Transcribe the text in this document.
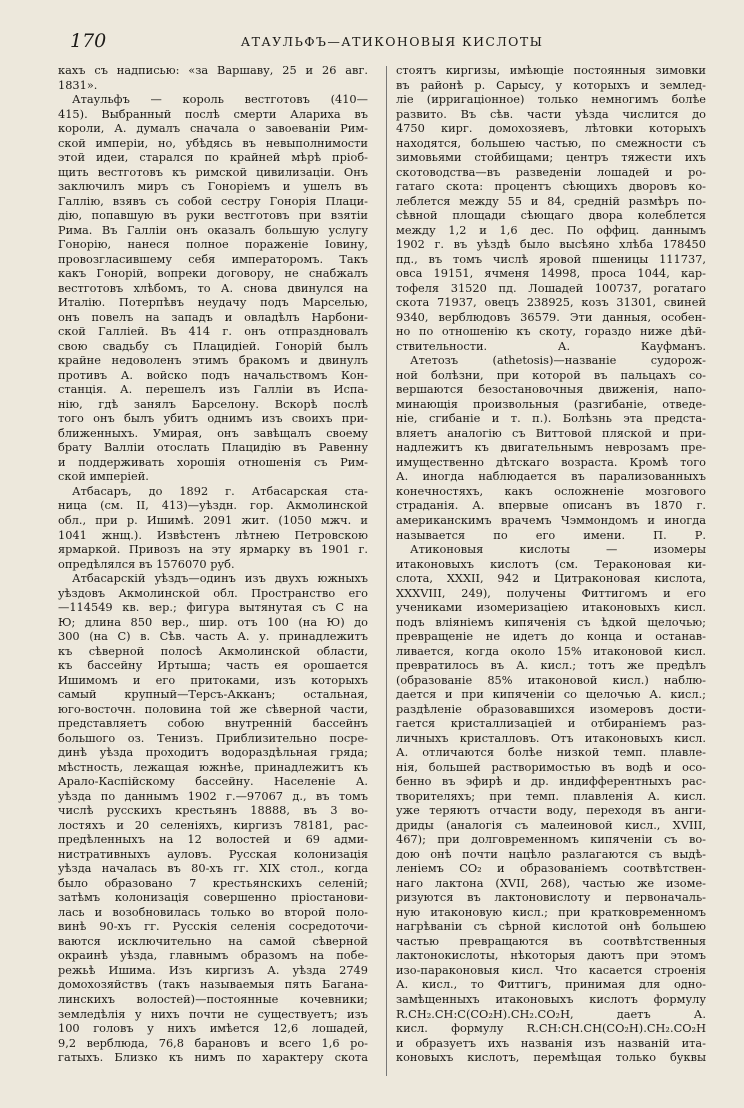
170	АТАУЛЬФЪ—АТИКОНОВЫЯ КИСЛОТЫ
кахъ съ надписью: «за Варшаву, 25 и 26 авг.
1831».
Атаульфъ — король вестготовъ (410—
415). Выбранный послѣ смерти Алариха въ
короли, А. думалъ сначала о завоеваніи Рим-
ской имперіи, но, убѣдясь въ невыполнимости
этой идеи, старался по крайней мѣрѣ пріоб-
щить вестготовъ къ римской цивилизаціи. Онъ
заключилъ миръ съ Гоноріемъ и ушелъ въ
Галлію, взявъ съ собой сестру Гонорія Плаци-
дію, попавшую въ руки вестготовъ при взятіи
Рима. Въ Галліи онъ оказалъ большую услугу
Гонорію, нанеся полное пораженіе Іовину,
провозгласившему себя императоромъ. Такъ
какъ Гонорій, вопреки договору, не снабжалъ
вестготовъ хлѣбомъ, то А. снова двинулся на
Италію. Потерпѣвъ неудачу подъ Марселью,
онъ повелъ на западъ и овладѣлъ Нарбони-
ской Галліей. Въ 414 г. онъ отпраздновалъ
свою свадьбу съ Плацидіей. Гонорій былъ
крайне недоволенъ этимъ бракомъ и двинулъ
противъ А. войско подъ начальствомъ Кон-
станція. А. перешелъ изъ Галліи въ Испа-
нію, гдѣ занялъ Барселону. Вскорѣ послѣ
того онъ былъ убитъ однимъ изъ своихъ при-
ближенныхъ. Умирая, онъ завѣщалъ своему
брату Валліи отослать Плацидію въ Равенну
и поддерживать хорошія отношенія съ Рим-
ской имперіей.
Атбасаръ, до 1892 г. Атбасарская ста-
ница (см. II, 413)—уѣздн. гор. Акмолинской
обл., при р. Ишимѣ. 2091 жит. (1050 мжч. и
1041 жнщ.). Извѣстенъ лѣтнею Петровскою
ярмаркой. Привозъ на эту ярмарку въ 1901 г.
опредѣлялся въ 1576070 руб.
Атбасарскій уѣздъ—одинъ изъ двухъ южныхъ
уѣздовъ Акмолинской обл. Пространство его
—114549 кв. вер.; фигура вытянутая съ С на
Ю; длина 850 вер., шир. отъ 100 (на Ю) до
300 (на С) в. Сѣв. часть А. у. принадлежитъ
къ сѣверной полосѣ Акмолинской области,
къ бассейну Иртыша; часть ея орошается
Ишимомъ и его притоками, изъ которыхъ
самый крупный—Терсъ-Акканъ; остальная,
юго-восточн. половина той же сѣверной части,
представляетъ собою внутренній бассейнъ
большого оз. Тенизъ. Приблизительно посре-
динѣ уѣзда проходитъ водораздѣльная гряда;
мѣстность, лежащая южнѣе, принадлежитъ къ
Арало-Каспійскому бассейну. Населеніе А.
уѣзда по даннымъ 1902 г.—97067 д., въ томъ
числѣ русскихъ крестьянъ 18888, въ 3 во-
лостяхъ и 20 селеніяхъ, киргизъ 78181, рас-
предѣленныхъ на 12 волостей и 69 адми-
нистративныхъ ауловъ. Русская колонизація
уѣзда началась въ 80-хъ гг. XIX стол., когда
было образовано 7 крестьянскихъ селеній;
затѣмъ колонизація совершенно пріостанови-
лась и возобновилась только во второй поло-
винѣ 90-хъ гг. Русскія селенія сосредоточи-
ваются исключительно на самой сѣверной
окраинѣ уѣзда, главнымъ образомъ на побе-
режьѣ Ишима. Изъ киргизъ А. уѣзда 2749
домохозяйствъ (такъ называемыя пять Багана-
линскихъ волостей)—постоянные кочевники;
земледѣлія у нихъ почти не существуетъ; изъ
100 головъ у нихъ имѣется 12,6 лошадей,
9,2 верблюда, 76,8 барановъ и всего 1,6 ро-
гатыхъ. Близко къ нимъ по характеру скота
стоятъ киргизы, имѣющіе постоянныя зимовки
въ районѣ р. Сарысу, у которыхъ и землед-
ліе (ирригаціонное) только немногимъ болѣе
развито. Въ сѣв. части уѣзда числится до
4750 кирг. домохозяевъ, лѣтовки которыхъ
находятся, большею частью, по смежности съ
зимовьями стойбищами; центръ тяжести ихъ
скотоводства—въ разведеніи лошадей и ро-
гатаго скота: процентъ сѣющихъ дворовъ ко-
леблется между 55 и 84, средній размѣръ по-
сѣвной площади сѣющаго двора колеблется
между 1,2 и 1,6 дес. По оффиц. даннымъ
1902 г. въ уѣздѣ было высѣяно хлѣба 178450
пд., въ томъ числѣ яровой пшеницы 111737,
овса 19151, ячменя 14998, проса 1044, кар-
тофеля 31520 пд. Лошадей 100737, рогатаго
скота 71937, овецъ 238925, козъ 31301, свиней
9340, верблюдовъ 36579. Эти данныя, особен-
но по отношенію къ скоту, гораздо ниже дѣй-
ствительности. А. Кауфманъ.
Атетозъ (athetosis)—названіе судорож-
ной болѣзни, при которой въ пальцахъ со-
вершаются безостановочныя движенія, напо-
минающія произвольныя (разгибаніе, отведе-
ніе, сгибаніе и т. п.). Болѣзнь эта предста-
вляетъ аналогію съ Виттовой пляской и при-
надлежитъ къ двигательнымъ неврозамъ пре-
имущественно дѣтскаго возраста. Кромѣ того
А. иногда наблюдается въ парализованныхъ
конечностяхъ, какъ осложненіе мозгового
страданія. А. впервые описанъ въ 1870 г.
американскимъ врачемъ Чэммондомъ и иногда
называется по его имени. П. Р.
Атиконовыя кислоты — изомеры
итаконовыхъ кислотъ (см. Тераконовая ки-
слота, XXXII, 942 и Цитраконовая кислота,
XXXVIII, 249), получены Фиттигомъ и его
учениками изомеризаціею итаконовыхъ кисл.
подъ вліяніемъ кипяченія съ ѣдкой щелочью;
превращеніе не идетъ до конца и останав-
ливается, когда около 15% итаконовой кисл.
превратилось въ А. кисл.; тотъ же предѣлъ
(образованіе 85% итаконовой кисл.) наблю-
дается и при кипяченіи со щелочью А. кисл.;
раздѣленіе образовавшихся изомеровъ дости-
гается кристаллизаціей и отбираніемъ раз-
личныхъ кристалловъ. Отъ итаконовыхъ кисл.
А. отличаются болѣе низкой темп. плавле-
нія, большей растворимостью въ водѣ и осо-
бенно въ эфирѣ и др. индифферентныхъ рас-
творителяхъ; при темп. плавленія А. кисл.
уже теряютъ отчасти воду, переходя въ анги-
дриды (аналогія съ малеиновой кисл., XVIII,
467); при долговременномъ кипяченіи съ во-
дою онѣ почти нацѣло разлагаются съ выдѣ-
леніемъ CO₂ и образованіемъ соотвѣтствен-
наго лактона (XVII, 268), частью же изоме-
ризуются въ лактоновислоту и первоначаль-
ную итаконовую кисл.; при кратковременномъ
нагрѣваніи съ сѣрной кислотой онѣ большею
частью превращаются въ соотвѣтственныя
лактонокислоты, нѣкоторыя даютъ при этомъ
изо-параконовыя кисл. Что касается строенія
А. кисл., то Фиттигъ, принимая для одно-
замѣщенныхъ итаконовыхъ кислотъ формулу
R.CH₂.CH:C(CO₂H).CH₂.CO₂H, даетъ А.
кисл. формулу R.CH:CH.CH(CO₂H).CH₂.CO₂H
и образуетъ ихъ названія изъ названій ита-
коновыхъ кислотъ, перемѣщая только буквы
